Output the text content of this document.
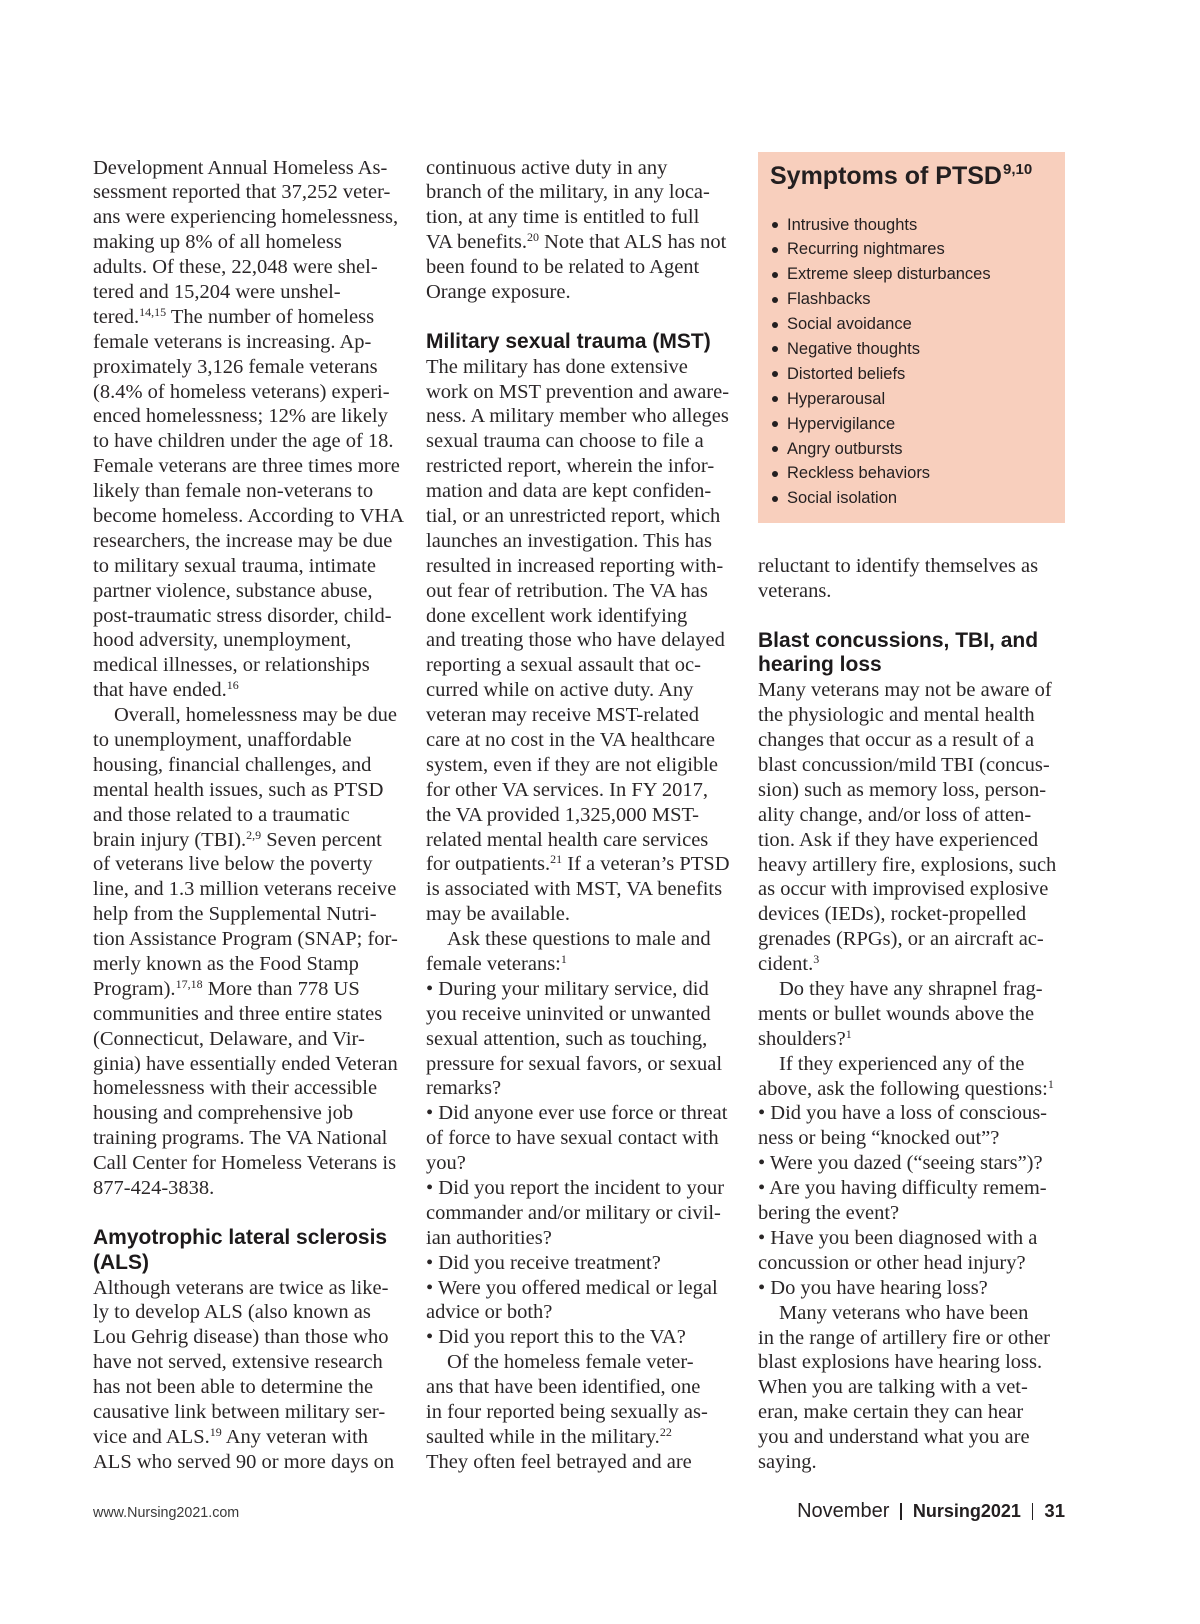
Development Annual Homeless As-
sessment reported that 37,252 veter-
ans were experiencing homelessness,
making up 8% of all homeless
adults. Of these, 22,048 were shel-
tered and 15,204 were unshel-
tered.$^{14,15}$ The number of homeless
female veterans is increasing. Ap-
proximately 3,126 female veterans
(8.4% of homeless veterans) experi-
enced homelessness; 12% are likely
to have children under the age of 18.
Female veterans are three times more
likely than female non-veterans to
become homeless. According to VHA
researchers, the increase may be due
to military sexual trauma, intimate
partner violence, substance abuse,
post-traumatic stress disorder, child-
hood adversity, unemployment,
medical illnesses, or relationships
that have ended.$^{16}$
Overall, homelessness may be due
to unemployment, unaffordable
housing, financial challenges, and
mental health issues, such as PTSD
and those related to a traumatic
brain injury (TBI).$^{2,9}$ Seven percent
of veterans live below the poverty
line, and 1.3 million veterans receive
help from the Supplemental Nutri-
tion Assistance Program (SNAP; for-
merly known as the Food Stamp
Program).$^{17,18}$ More than 778 US
communities and three entire states
(Connecticut, Delaware, and Vir-
ginia) have essentially ended Veteran
homelessness with their accessible
housing and comprehensive job
training programs. The VA National
Call Center for Homeless Veterans is
877-424-3838.
Amyotrophic lateral sclerosis
(ALS)
Although veterans are twice as like-
ly to develop ALS (also known as
Lou Gehrig disease) than those who
have not served, extensive research
has not been able to determine the
causative link between military ser-
vice and ALS.$^{19}$ Any veteran with
ALS who served 90 or more days on
continuous active duty in any
branch of the military, in any loca-
tion, at any time is entitled to full
VA benefits.$^{20}$ Note that ALS has not
been found to be related to Agent
Orange exposure.
Military sexual trauma (MST)
The military has done extensive
work on MST prevention and aware-
ness. A military member who alleges
sexual trauma can choose to file a
restricted report, wherein the infor-
mation and data are kept confiden-
tial, or an unrestricted report, which
launches an investigation. This has
resulted in increased reporting with-
out fear of retribution. The VA has
done excellent work identifying
and treating those who have delayed
reporting a sexual assault that oc-
curred while on active duty. Any
veteran may receive MST-related
care at no cost in the VA healthcare
system, even if they are not eligible
for other VA services. In FY 2017,
the VA provided 1,325,000 MST-
related mental health care services
for outpatients.$^{21}$ If a veteran’s PTSD
is associated with MST, VA benefits
may be available.
Ask these questions to male and
female veterans:$^1$
• During your military service, did
you receive uninvited or unwanted
sexual attention, such as touching,
pressure for sexual favors, or sexual
remarks?
• Did anyone ever use force or threat
of force to have sexual contact with
you?
• Did you report the incident to your
commander and/or military or civil-
ian authorities?
• Did you receive treatment?
• Were you offered medical or legal
advice or both?
• Did you report this to the VA?
Of the homeless female veter-
ans that have been identified, one
in four reported being sexually as-
saulted while in the military.$^{22}$
They often feel betrayed and are
Symptoms of PTSD$^{9,10}$
Intrusive thoughts
Recurring nightmares
Extreme sleep disturbances
Flashbacks
Social avoidance
Negative thoughts
Distorted beliefs
Hyperarousal
Hypervigilance
Angry outbursts
Reckless behaviors
Social isolation
reluctant to identify themselves as
veterans.
Blast concussions, TBI, and
hearing loss
Many veterans may not be aware of
the physiologic and mental health
changes that occur as a result of a
blast concussion/mild TBI (concus-
sion) such as memory loss, person-
ality change, and/or loss of atten-
tion. Ask if they have experienced
heavy artillery fire, explosions, such
as occur with improvised explosive
devices (IEDs), rocket-propelled
grenades (RPGs), or an aircraft ac-
cident.$^3$
Do they have any shrapnel frag-
ments or bullet wounds above the
shoulders?$^1$
If they experienced any of the
above, ask the following questions:$^1$
• Did you have a loss of conscious-
ness or being “knocked out”?
• Were you dazed (“seeing stars”)?
• Are you having difficulty remem-
bering the event?
• Have you been diagnosed with a
concussion or other head injury?
• Do you have hearing loss?
Many veterans who have been
in the range of artillery fire or other
blast explosions have hearing loss.
When you are talking with a vet-
eran, make certain they can hear
you and understand what you are
saying.
www.Nursing2021.com	November Nursing2021 31
